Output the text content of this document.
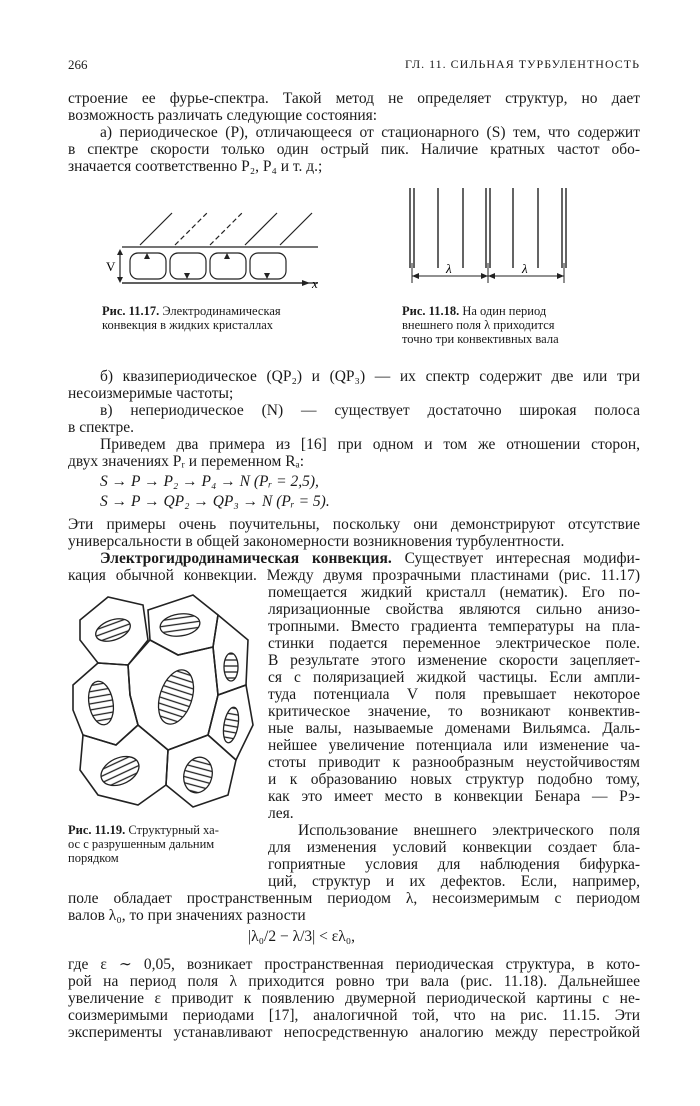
266	ГЛ. 11. СИЛЬНАЯ ТУРБУЛЕНТНОСТЬ
строение ее фурье-спектра. Такой метод не определяет структур, но дает
возможность различать следующие состояния:
а) периодическое (P), отличающееся от стационарного (S) тем, что содержит
в спектре скорости только один острый пик. Наличие кратных частот обо-
значается соответственно P₂, P₄ и т. д.;
V
x
Рис. 11.17. Электродинамическая
конвекция в жидких кристаллах
λ	λ
Рис. 11.18. На один период
внешнего поля λ приходится
точно три конвективных вала
б) квазипериодическое (QP₂) и (QP₃) — их спектр содержит две или три
несоизмеримые частоты;
в) непериодическое (N) — существует достаточно широкая полоса
в спектре.
Приведем два примера из [16] при одном и том же отношении сторон,
двух значениях Pᵣ и переменном Rₐ:
S → P → P₂ → P₄ → N (Pᵣ = 2,5),
S → P → QP₂ → QP₃ → N (Pᵣ = 5).
Эти примеры очень поучительны, поскольку они демонстрируют отсутствие
универсальности в общей закономерности возникновения турбулентности.
Электрогидродинамическая конвекция. Существует интересная модифи-
кация обычной конвекции. Между двумя прозрачными пластинами (рис. 11.17)
Рис. 11.19. Структурный ха-
ос с разрушенным дальним
порядком
помещается жидкий кристалл (нематик). Его по-
ляризационные свойства являются сильно анизо-
тропными. Вместо градиента температуры на пла-
стинки подается переменное электрическое поле.
В результате этого изменение скорости зацепляет-
ся с поляризацией жидкой частицы. Если ампли-
туда потенциала V поля превышает некоторое
критическое значение, то возникают конвектив-
ные валы, называемые доменами Вильямса. Даль-
нейшее увеличение потенциала или изменение ча-
стоты приводит к разнообразным неустойчивостям
и к образованию новых структур подобно тому,
как это имеет место в конвекции Бенара — Рэ-
лея.
Использование внешнего электрического поля
для изменения условий конвекции создает бла-
гоприятные условия для наблюдения бифурка-
ций, структур и их дефектов. Если, например,
поле обладает пространственным периодом λ, несоизмеримым с периодом
валов λ₀, то при значениях разности
|λ₀/2 − λ/3| < ελ₀,
где ε ∼ 0,05, возникает пространственная периодическая структура, в кото-
рой на период поля λ приходится ровно три вала (рис. 11.18). Дальнейшее
увеличение ε приводит к появлению двумерной периодической картины с не-
соизмеримыми периодами [17], аналогичной той, что на рис. 11.15. Эти
эксперименты устанавливают непосредственную аналогию между перестройкой
